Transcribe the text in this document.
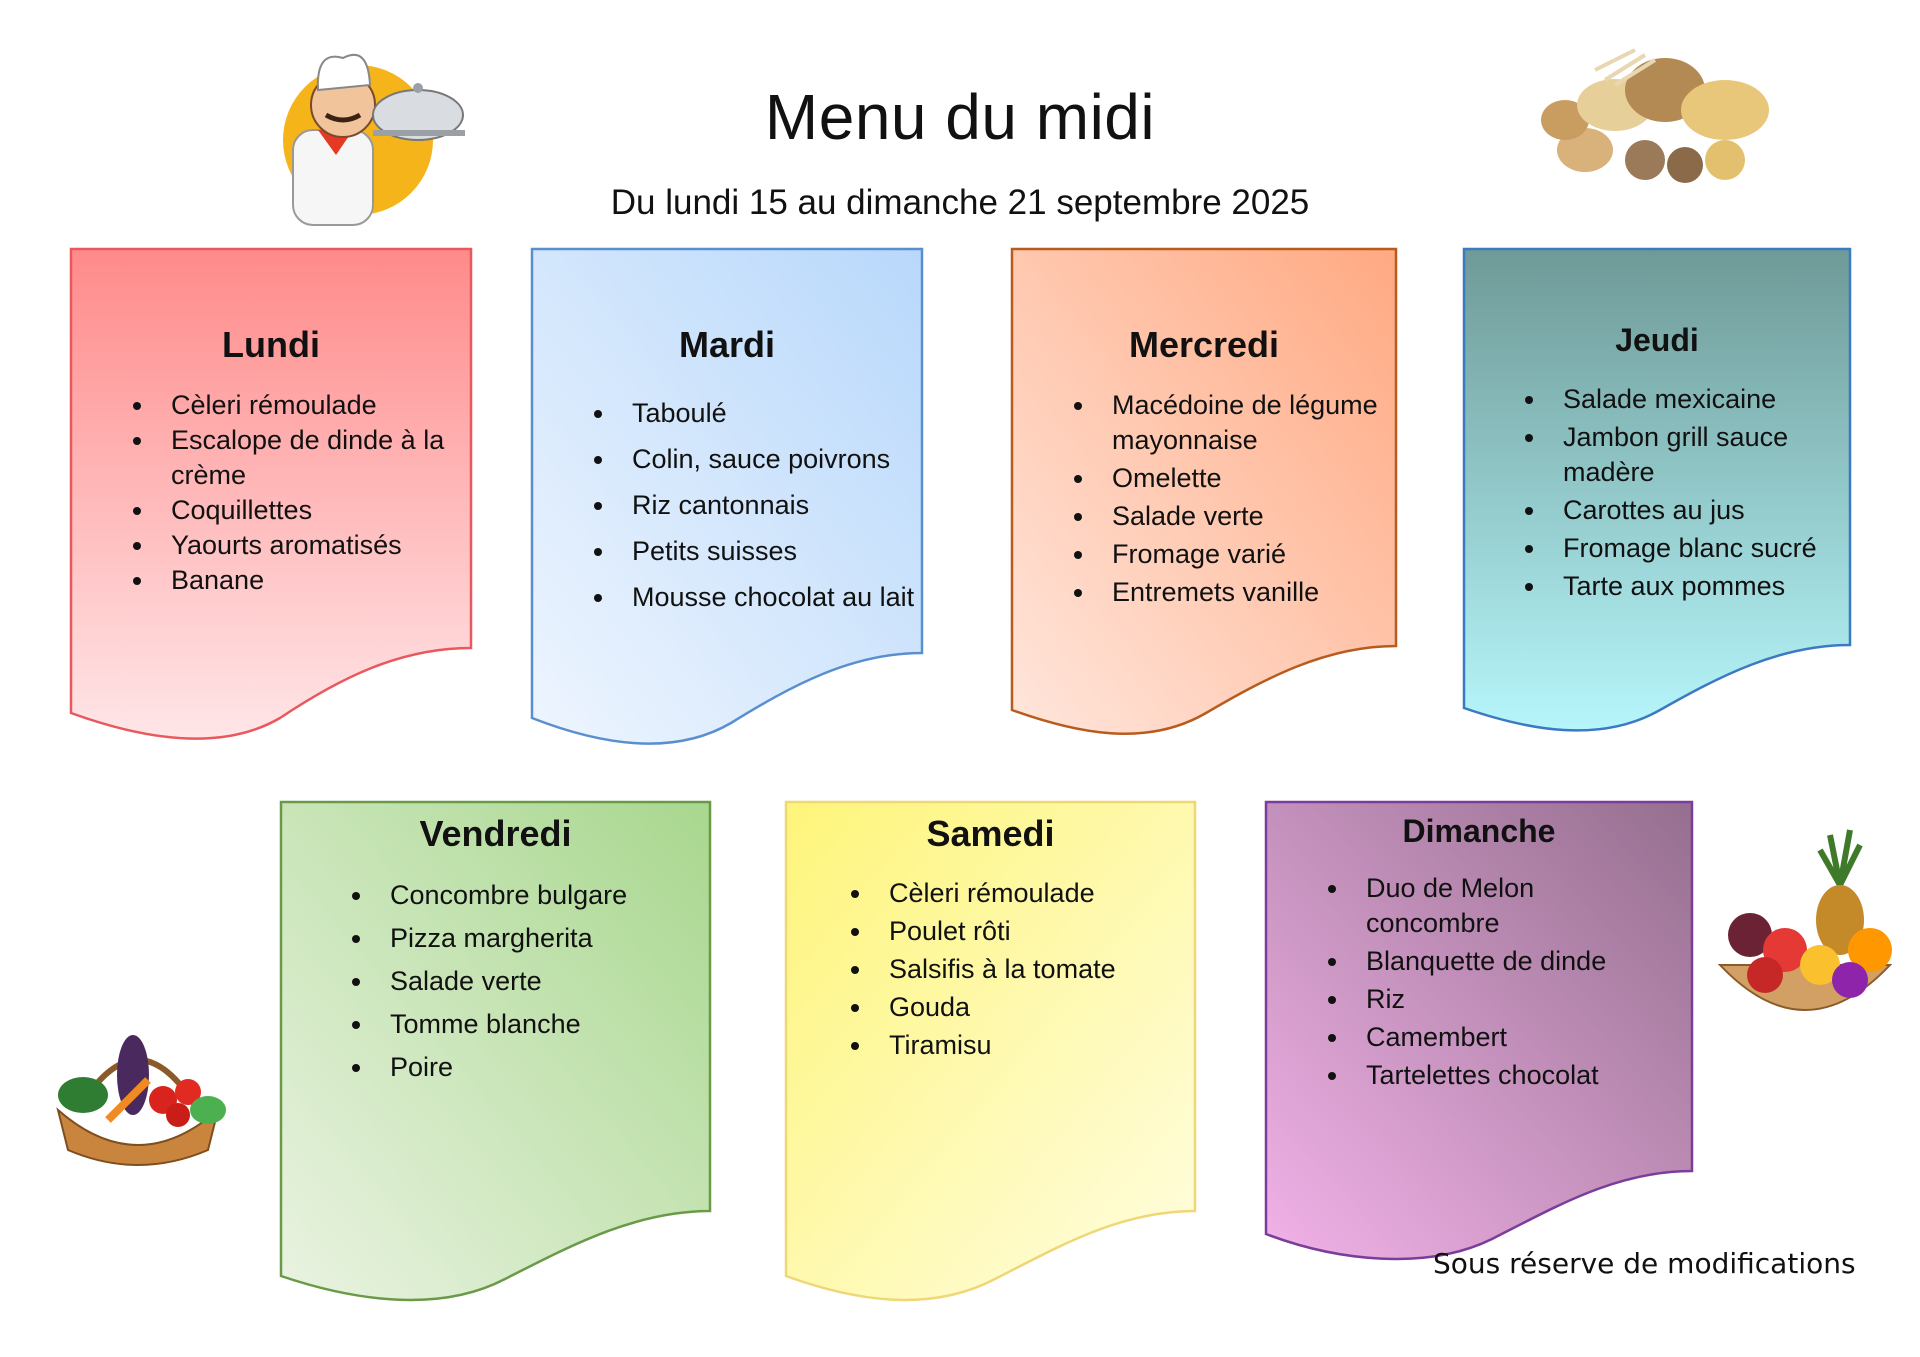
Menu du midi

Du lundi 15 au dimanche 21 septembre 2025

Lundi
Cèleri rémoulade
Escalope de dinde à la crème
Coquillettes
Yaourts aromatisés
Banane
Mardi
Taboulé
Colin, sauce poivrons
Riz cantonnais
Petits suisses
Mousse chocolat au lait
Mercredi
Macédoine de légume mayonnaise
Omelette
Salade verte
Fromage varié
Entremets vanille
Jeudi
Salade mexicaine
Jambon grill sauce madère
Carottes au jus
Fromage blanc sucré
Tarte aux pommes
Vendredi
Concombre bulgare
Pizza margherita
Salade verte
Tomme blanche
Poire
Samedi
Cèleri rémoulade
Poulet rôti
Salsifis à la tomate
Gouda
Tiramisu
Dimanche
Duo de Melon concombre
Blanquette de dinde
Riz
Camembert
Tartelettes chocolat

Sous réserve de modifications
